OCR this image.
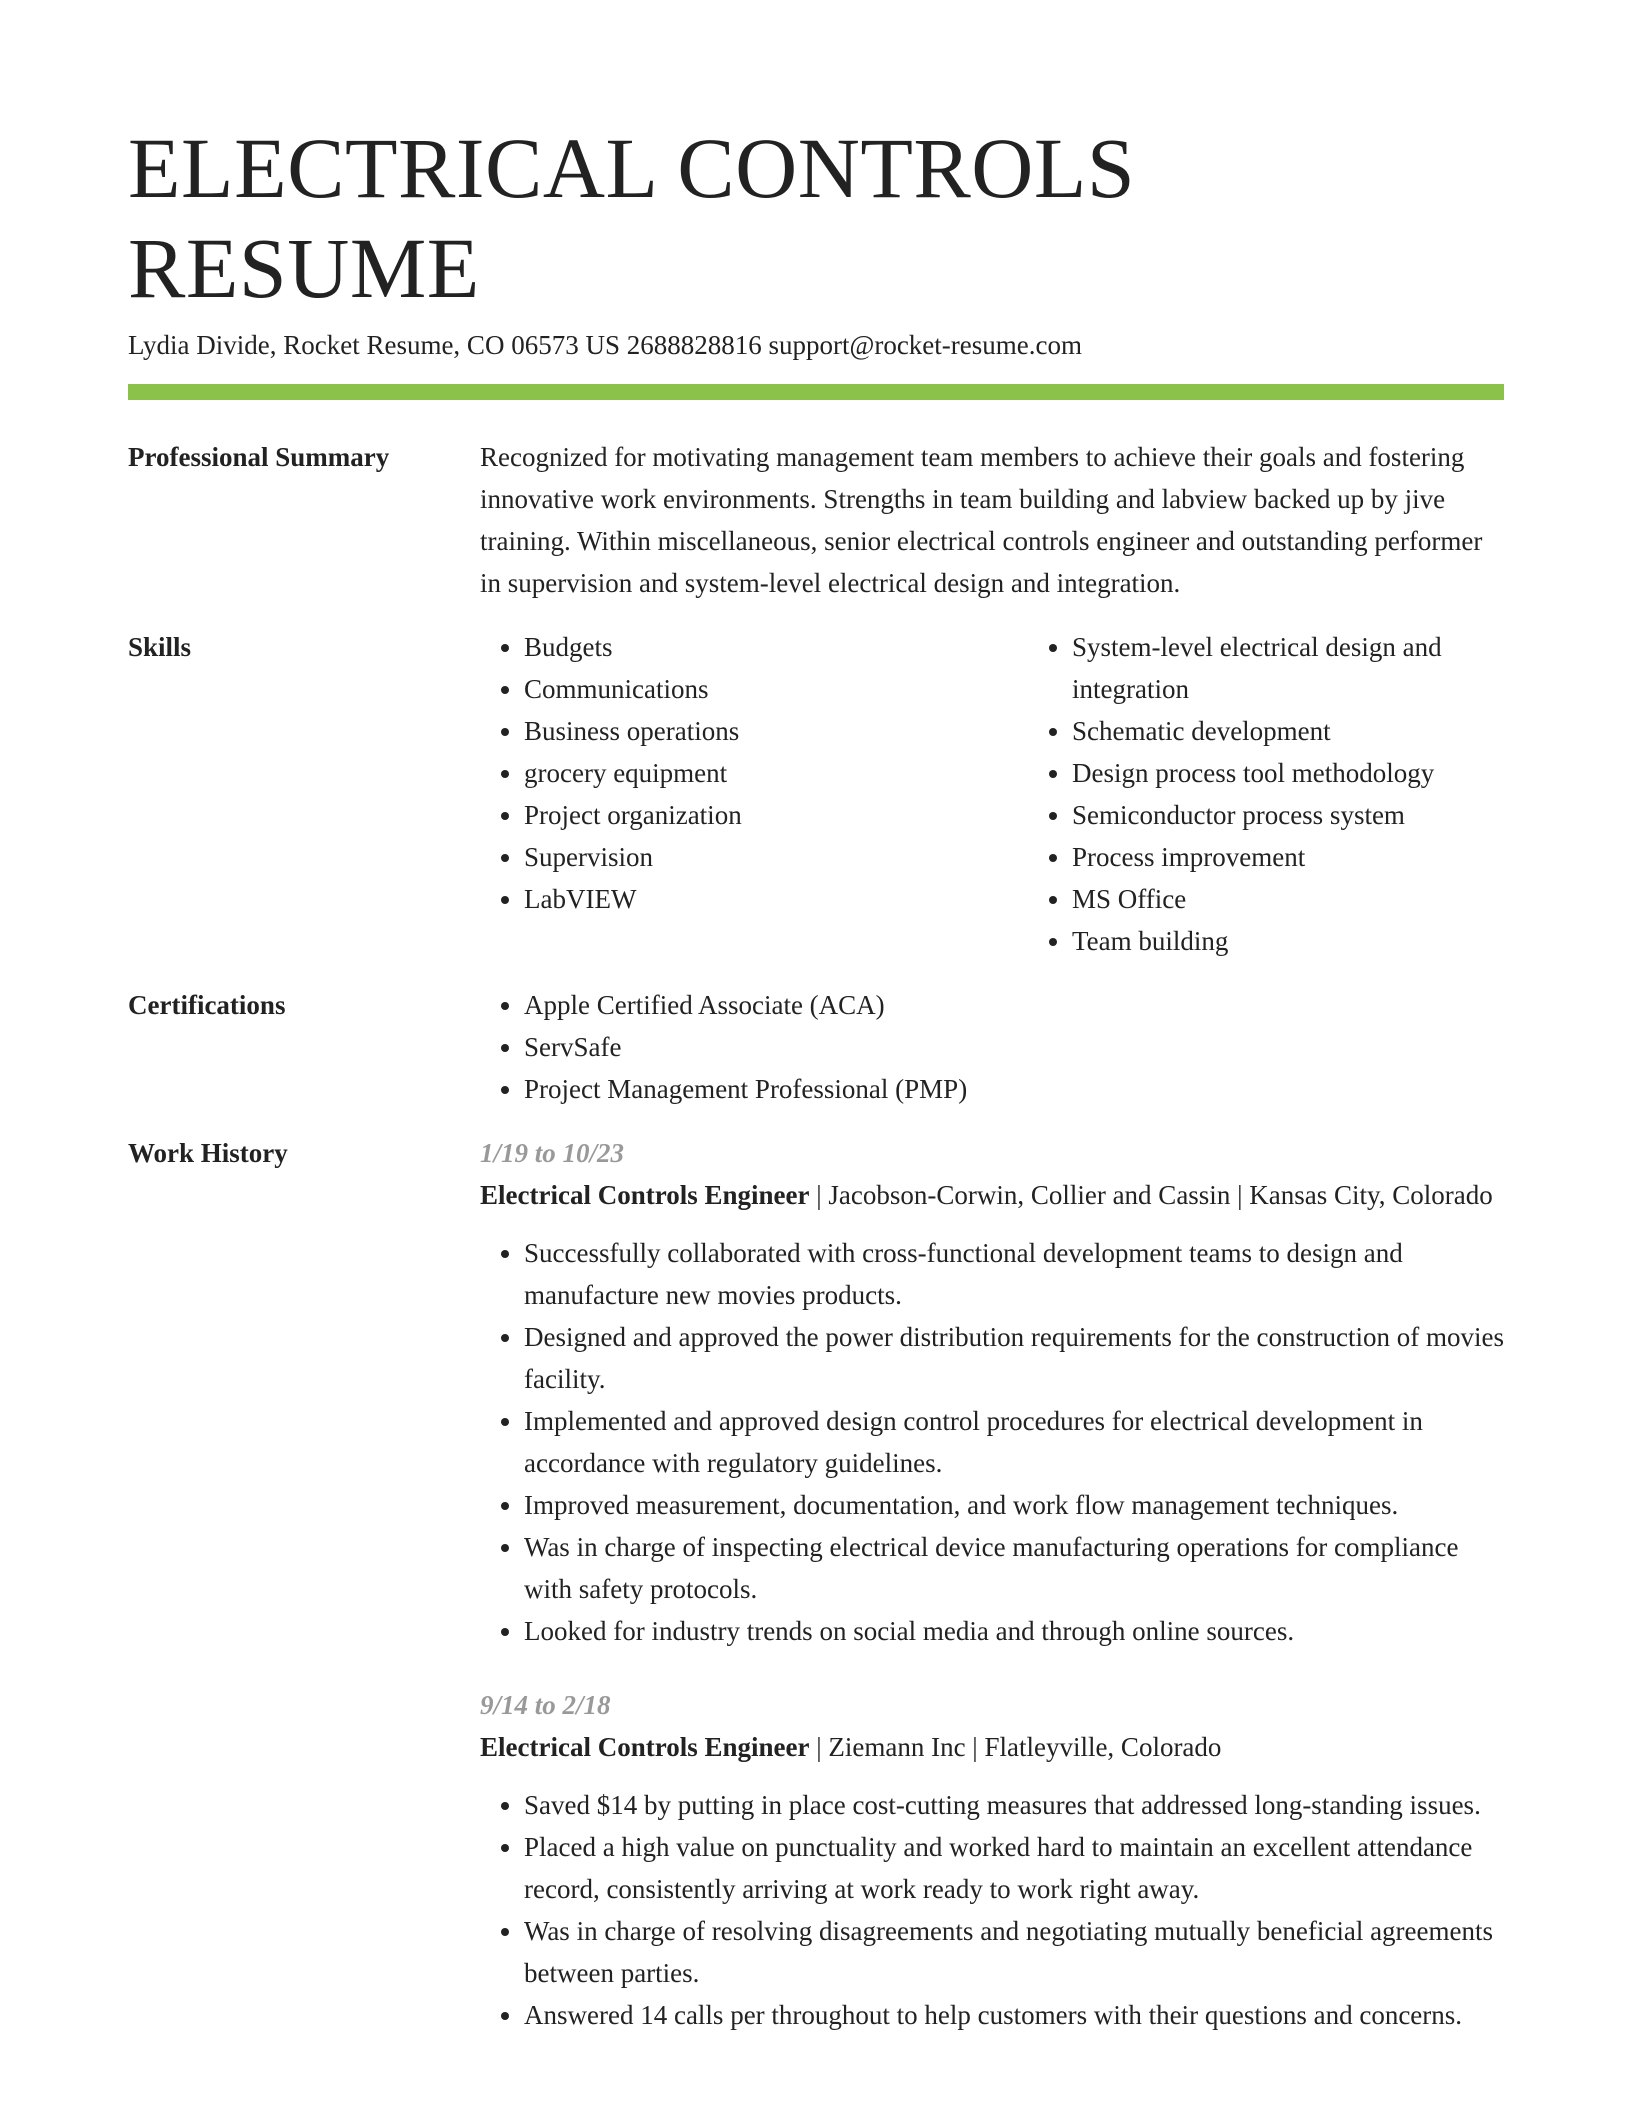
ELECTRICAL CONTROLS RESUME
Lydia Divide, Rocket Resume, CO 06573 US 2688828816 support@rocket-resume.com
Professional Summary	Recognized for motivating management team members to achieve their goals and fostering innovative work environments. Strengths in team building and labview backed up by jive training. Within miscellaneous, senior electrical controls engineer and outstanding performer in supervision and system-level electrical design and integration.

Skills	• Budgets
• Communications
• Business operations
• grocery equipment
• Project organization
• Supervision
• LabVIEW
• System-level electrical design and integration
• Schematic development
• Design process tool methodology
• Semiconductor process system
• Process improvement
• MS Office
• Team building
Certifications	• Apple Certified Associate (ACA)
• ServSafe
• Project Management Professional (PMP)
Work History	1/19 to 10/23
Electrical Controls Engineer | Jacobson-Corwin, Collier and Cassin | Kansas City, Colorado
• Successfully collaborated with cross-functional development teams to design and manufacture new movies products.
• Designed and approved the power distribution requirements for the construction of movies facility.
• Implemented and approved design control procedures for electrical development in accordance with regulatory guidelines.
• Improved measurement, documentation, and work flow management techniques.
• Was in charge of inspecting electrical device manufacturing operations for compliance with safety protocols.
• Looked for industry trends on social media and through online sources.
9/14 to 2/18
Electrical Controls Engineer | Ziemann Inc | Flatleyville, Colorado
• Saved $14 by putting in place cost-cutting measures that addressed long-standing issues.
• Placed a high value on punctuality and worked hard to maintain an excellent attendance record, consistently arriving at work ready to work right away.
• Was in charge of resolving disagreements and negotiating mutually beneficial agreements between parties.
• Answered 14 calls per throughout to help customers with their questions and concerns.
